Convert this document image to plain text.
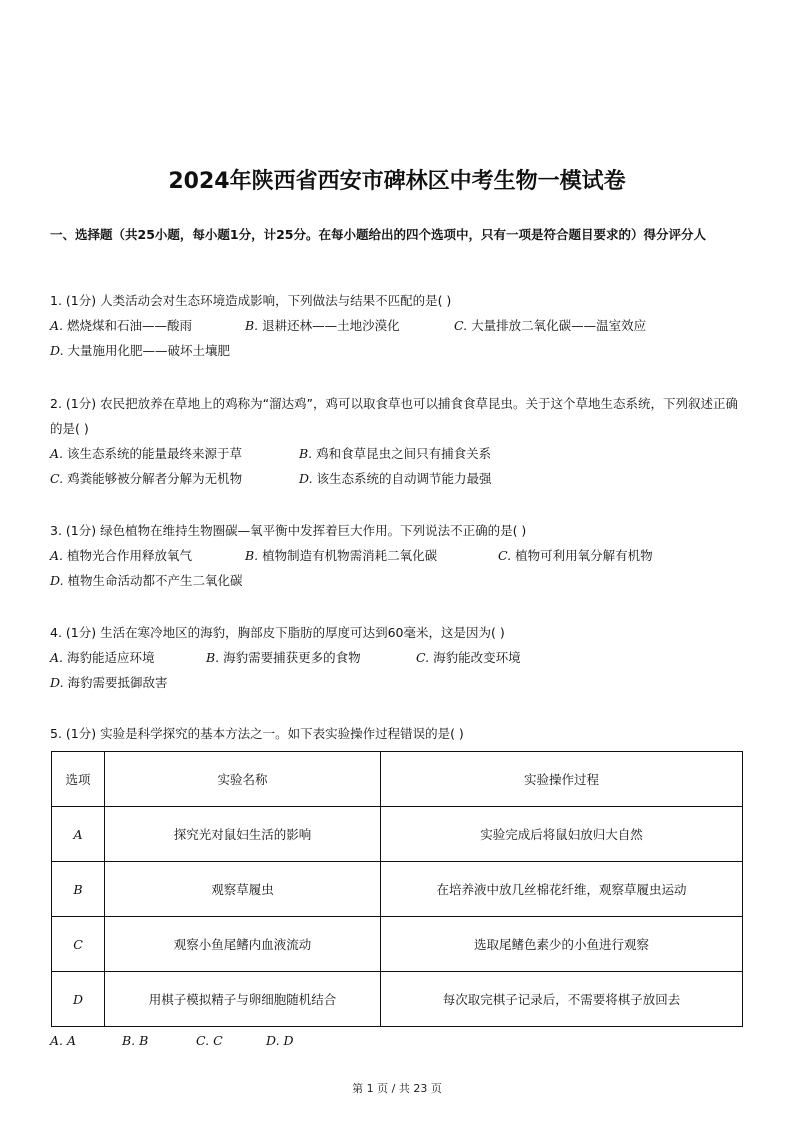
2024年陕西省西安市碑林区中考生物一模试卷
一、选择题（共25小题，每小题1分，计25分。在每小题给出的四个选项中，只有一项是符合题目要求的）得分评分人

1. (1分) 人类活动会对生态环境造成影响，下列做法与结果不匹配的是( )

A. 燃烧煤和石油——酸雨	B. 退耕还林——土地沙漠化	C. 大量排放二氧化碳——温室效应
D. 大量施用化肥——破坏土壤肥

2. (1分) 农民把放养在草地上的鸡称为“溜达鸡”，鸡可以取食草也可以捕食食草昆虫。关于这个草地生态系统，下列叙述正确的是( )

A. 该生态系统的能量最终来源于草	B. 鸡和食草昆虫之间只有捕食关系
C. 鸡粪能够被分解者分解为无机物	D. 该生态系统的自动调节能力最强

3. (1分) 绿色植物在维持生物圈碳—氧平衡中发挥着巨大作用。下列说法不正确的是( )

A. 植物光合作用释放氧气	B. 植物制造有机物需消耗二氧化碳	C. 植物可利用氧分解有机物
D. 植物生命活动都不产生二氧化碳

4. (1分) 生活在寒冷地区的海豹，胸部皮下脂肪的厚度可达到60毫米，这是因为( )

A. 海豹能适应环境	B. 海豹需要捕获更多的食物	C. 海豹能改变环境
D. 海豹需要抵御敌害

5. (1分) 实验是科学探究的基本方法之一。如下表实验操作过程错误的是( )

选项	实验名称	实验操作过程
A	探究光对鼠妇生活的影响	实验完成后将鼠妇放归大自然
B	观察草履虫	在培养液中放几丝棉花纤维，观察草履虫运动
C	观察小鱼尾鳍内血液流动	选取尾鳍色素少的小鱼进行观察
D	用棋子模拟精子与卵细胞随机结合	每次取完棋子记录后，不需要将棋子放回去
A. A	B. B	C. C	D. D
第 1 页 / 共 23 页
